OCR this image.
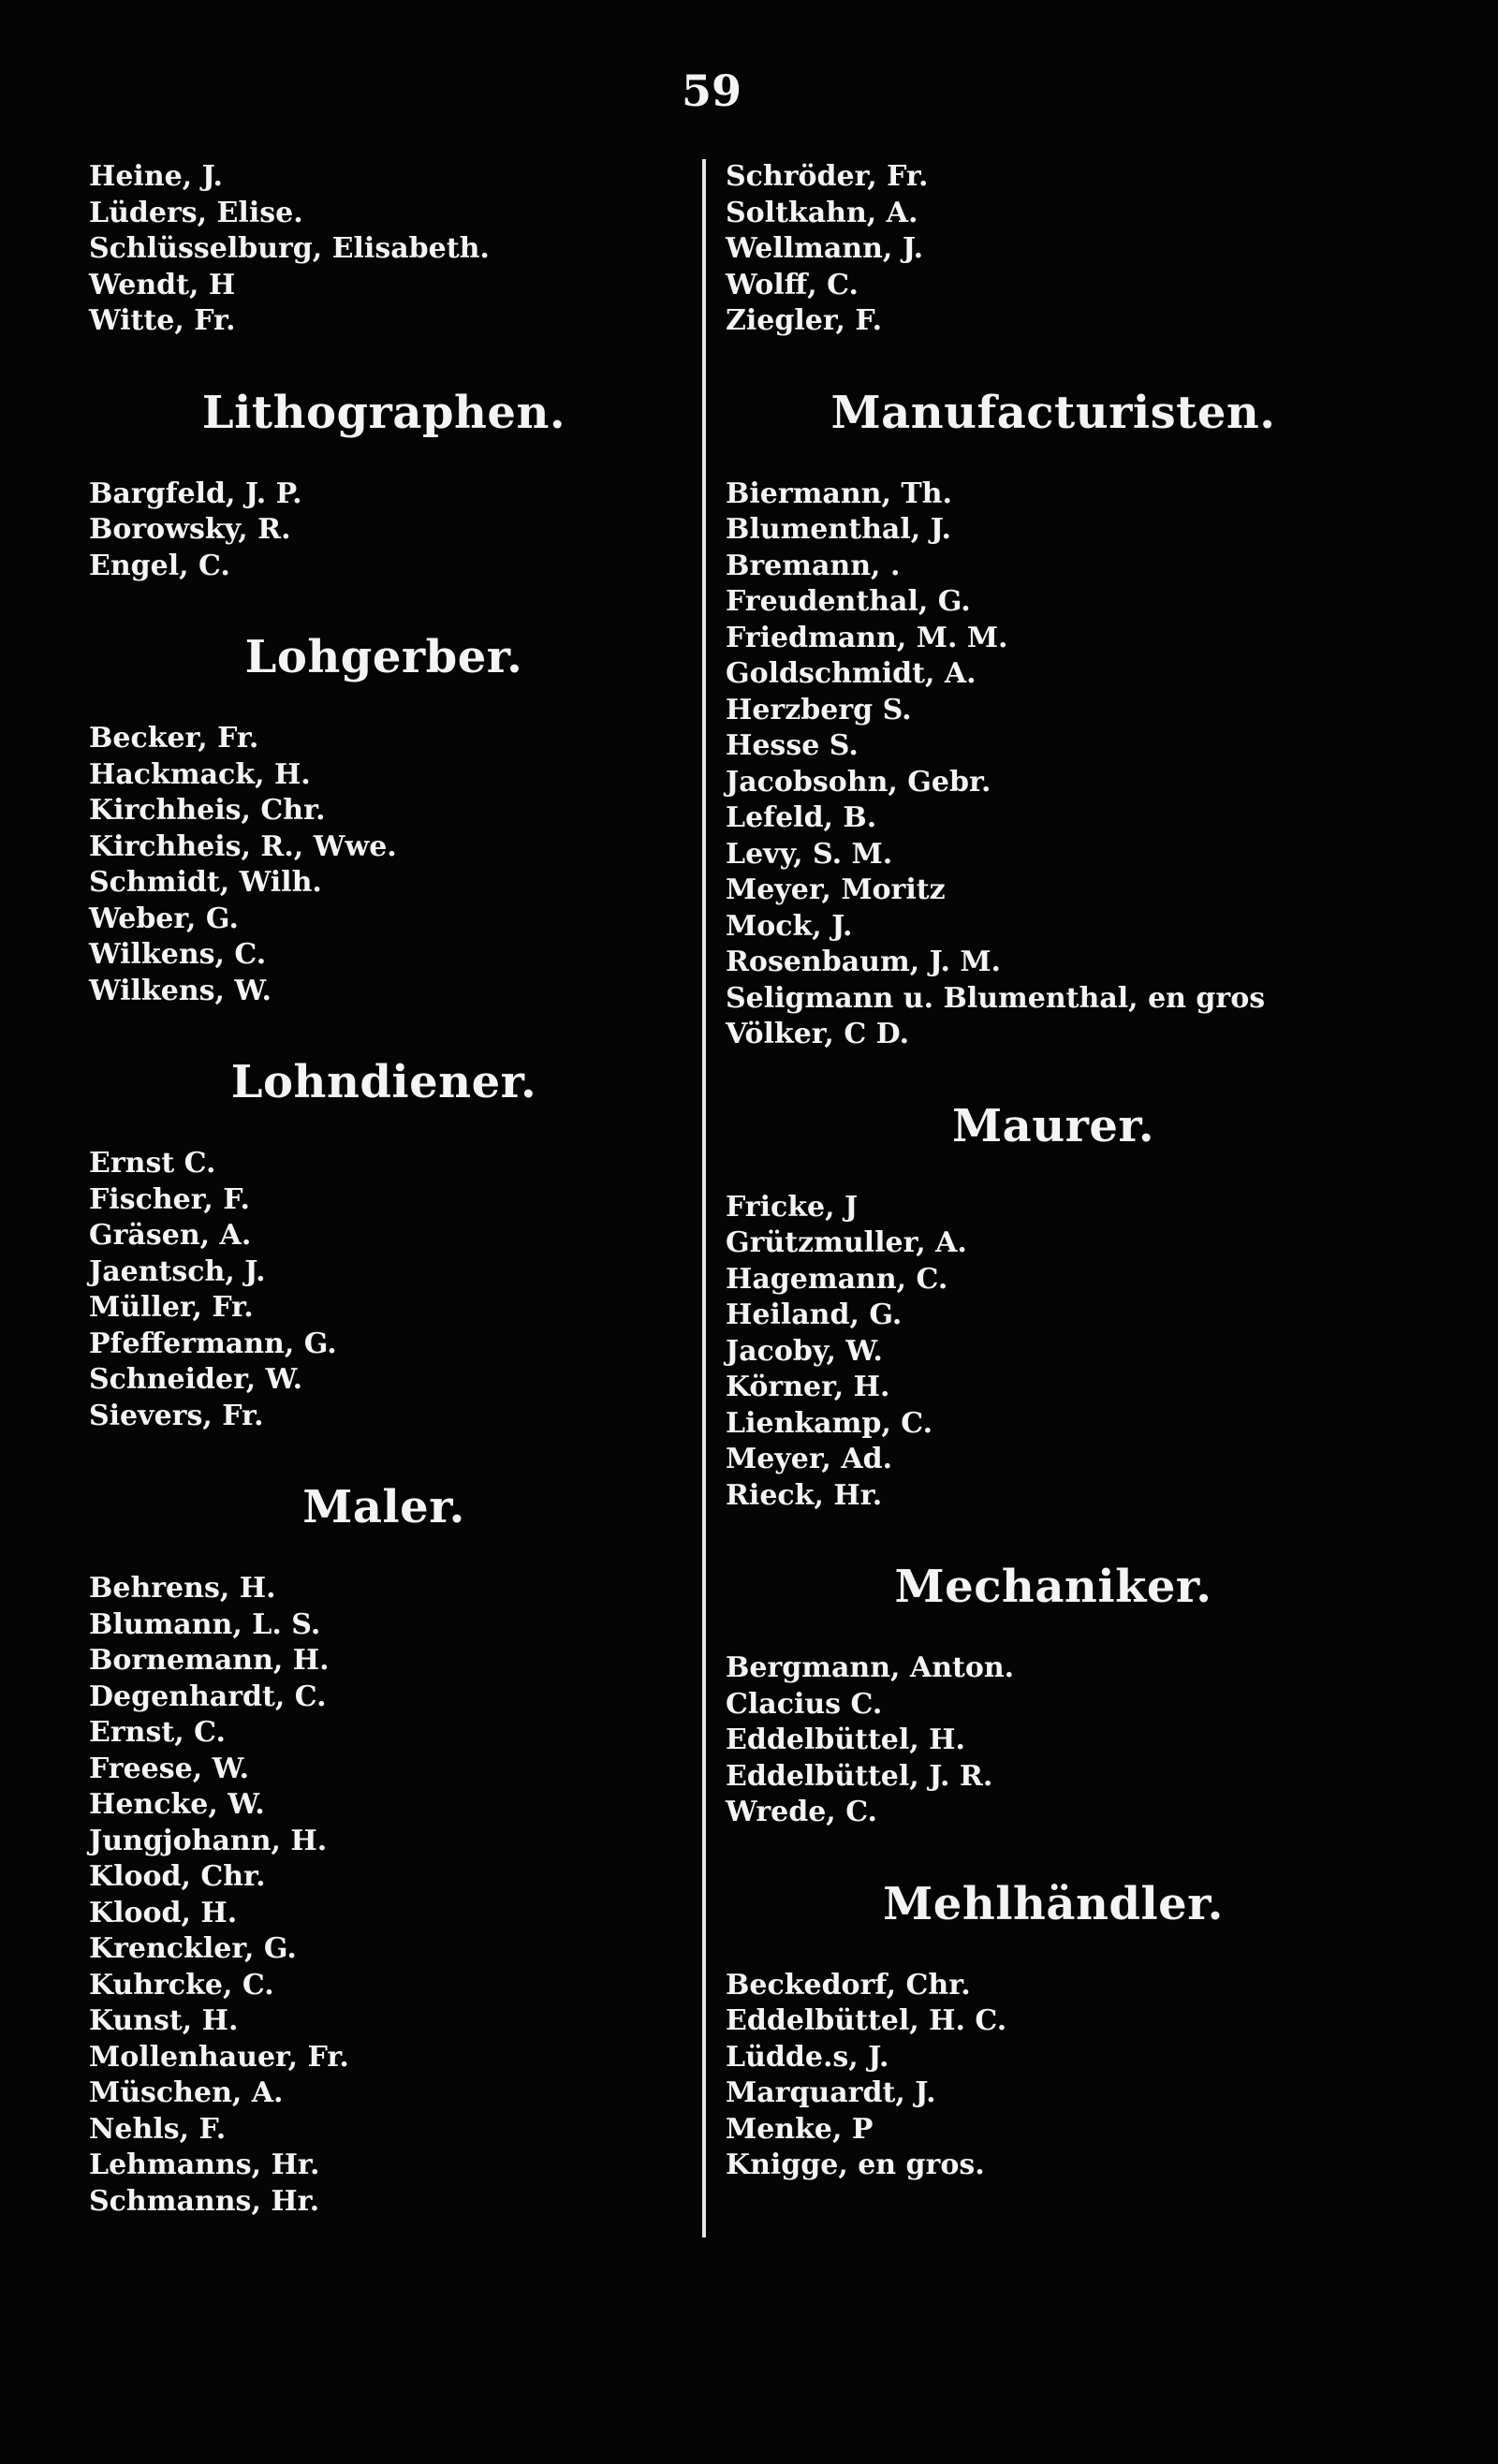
59
Heine, J.
Lüders, Elise.
Schlüsselburg, Elisabeth.
Wendt, H
Witte, Fr.
Lithographen.
Bargfeld, J. P.
Borowsky, R.
Engel, C.
Lohgerber.
Becker, Fr.
Hackmack, H.
Kirchheis, Chr.
Kirchheis, R., Wwe.
Schmidt, Wilh.
Weber, G.
Wilkens, C.
Wilkens, W.
Lohndiener.
Ernst C.
Fischer, F.
Gräsen, A.
Jaentsch, J.
Müller, Fr.
Pfeffermann, G.
Schneider, W.
Sievers, Fr.
Maler.
Behrens, H.
Blumann, L. S.
Bornemann, H.
Degenhardt, C.
Ernst, C.
Freese, W.
Hencke, W.
Jungjohann, H.
Klood, Chr.
Klood, H.
Krenckler, G.
Kuhrcke, C.
Kunst, H.
Mollenhauer, Fr.
Müschen, A.
Nehls, F.
Lehmanns, Hr.
Schmanns, Hr.
Schröder, Fr.
Soltkahn, A.
Wellmann, J.
Wolff, C.
Ziegler, F.
Manufacturisten.
Biermann, Th.
Blumenthal, J.
Bremann, .
Freudenthal, G.
Friedmann, M. M.
Goldschmidt, A.
Herzberg S.
Hesse S.
Jacobsohn, Gebr.
Lefeld, B.
Levy, S. M.
Meyer, Moritz
Mock, J.
Rosenbaum, J. M.
Seligmann u. Blumenthal, en gros
Völker, C D.
Maurer.
Fricke, J
Grützmuller, A.
Hagemann, C.
Heiland, G.
Jacoby, W.
Körner, H.
Lienkamp, C.
Meyer, Ad.
Rieck, Hr.
Mechaniker.
Bergmann, Anton.
Clacius C.
Eddelbüttel, H.
Eddelbüttel, J. R.
Wrede, C.
Mehlhändler.
Beckedorf, Chr.
Eddelbüttel, H. C.
Lüdde.s, J.
Marquardt, J.
Menke, P
Knigge, en gros.
